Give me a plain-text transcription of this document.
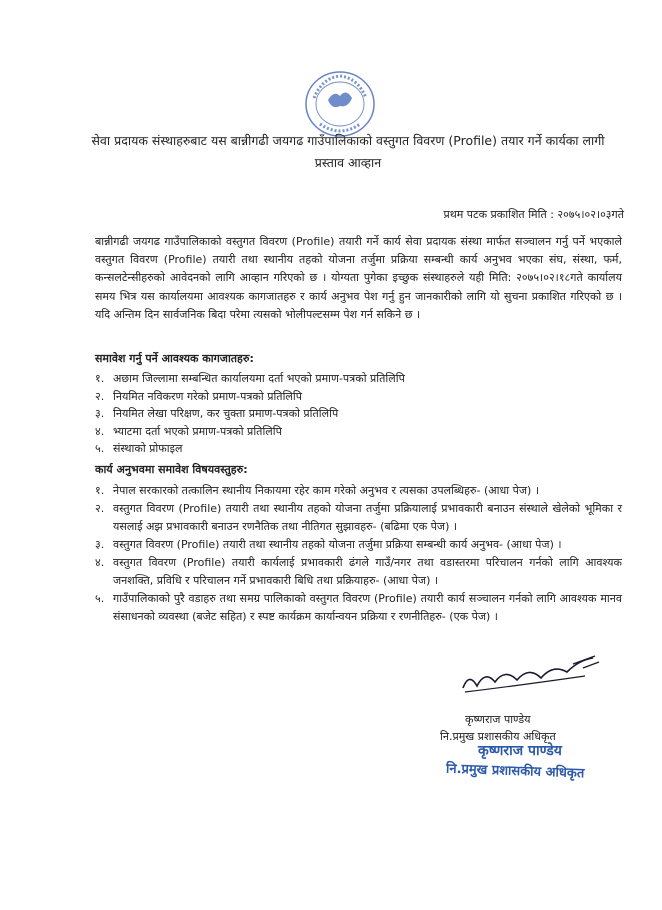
सेवा प्रदायक संस्थाहरुबाट यस बान्नीगढी जयगढ गाउँपालिकाको वस्तुगत विवरण (Profile) तयार गर्ने कार्यका लागी प्रस्ताव आव्हान
प्रथम पटक प्रकाशित मिति : २०७५।०२।०३गते
बान्नीगढी जयगढ गाउँपालिकाको वस्तुगत विवरण (Profile) तयारी गर्ने कार्य सेवा प्रदायक संस्था मार्फत सञ्चालन गर्नु पर्ने भएकाले वस्तुगत विवरण (Profile) तयारी तथा स्थानीय तहको योजना तर्जुमा प्रक्रिया सम्बन्धी कार्य अनुभव भएका संघ, संस्था, फर्म, कन्सलटेन्सीहरुको आवेदनको लागि आव्हान गरिएको छ । योग्यता पुगेका इच्छुक संस्थाहरुले यही मिति: २०७५।०२।१८गते कार्यालय समय भित्र यस कार्यालयमा आवश्यक कागजातहरु र कार्य अनुभव पेश गर्नु हुन जानकारीको लागि यो सुचना प्रकाशित गरिएको छ । यदि अन्तिम दिन सार्वजनिक बिदा परेमा त्यसको भोलीपल्टसम्म पेश गर्न सकिने छ ।
समावेश गर्नु पर्ने आवश्यक कागजातहरु:
१. अछाम जिल्लामा सम्बन्धित कार्यालयमा दर्ता भएको प्रमाण-पत्रको प्रतिलिपि
२. नियमित नविकरण गरेको प्रमाण-पत्रको प्रतिलिपि
३. नियमित लेखा परिक्षण, कर चुक्ता प्रमाण-पत्रको प्रतिलिपि
४. भ्याटमा दर्ता भएको प्रमाण-पत्रको प्रतिलिपि
५. संस्थाको प्रोफाइल
कार्य अनुभवमा समावेश विषयवस्तुहरु:
१. नेपाल सरकारको तत्कालिन स्थानीय निकायमा रहेर काम गरेको अनुभव र त्यसका उपलब्धिहरु- (आधा पेज) ।
२. वस्तुगत विवरण (Profile) तयारी तथा स्थानीय तहको योजना तर्जुमा प्रक्रियालाई प्रभावकारी बनाउन संस्थाले खेलेको भूमिका र यसलाई अझ प्रभावकारी बनाउन रणनैतिक तथा नीतिगत सुझावहरु- (बढिमा एक पेज) ।
३. वस्तुगत विवरण (Profile) तयारी तथा स्थानीय तहको योजना तर्जुमा प्रक्रिया सम्बन्धी कार्य अनुभव- (आधा पेज) ।
४. वस्तुगत विवरण (Profile) तयारी कार्यलाई प्रभावकारी ढंगले गाउँ/नगर तथा वडास्तरमा परिचालन गर्नको लागि आवश्यक जनशक्ति, प्रविधि र परिचालन गर्ने प्रभावकारी बिधि तथा प्रक्रियाहरु- (आधा पेज) ।
५. गाउँपालिकाको पुरै वडाहरु तथा समग्र पालिकाको वस्तुगत विवरण (Profile) तयारी कार्य सञ्चालन गर्नको लागि आवश्यक मानव संसाधनको व्यवस्था (बजेट सहित) र स्पष्ट कार्यक्रम कार्यान्वयन प्रक्रिया र रणनीतिहरु- (एक पेज) ।
कृष्णराज पाण्डेय
नि.प्रमुख प्रशासकीय अधिकृत
कृष्णराज पाण्डेय
नि.प्रमुख प्रशासकीय अधिकृत
